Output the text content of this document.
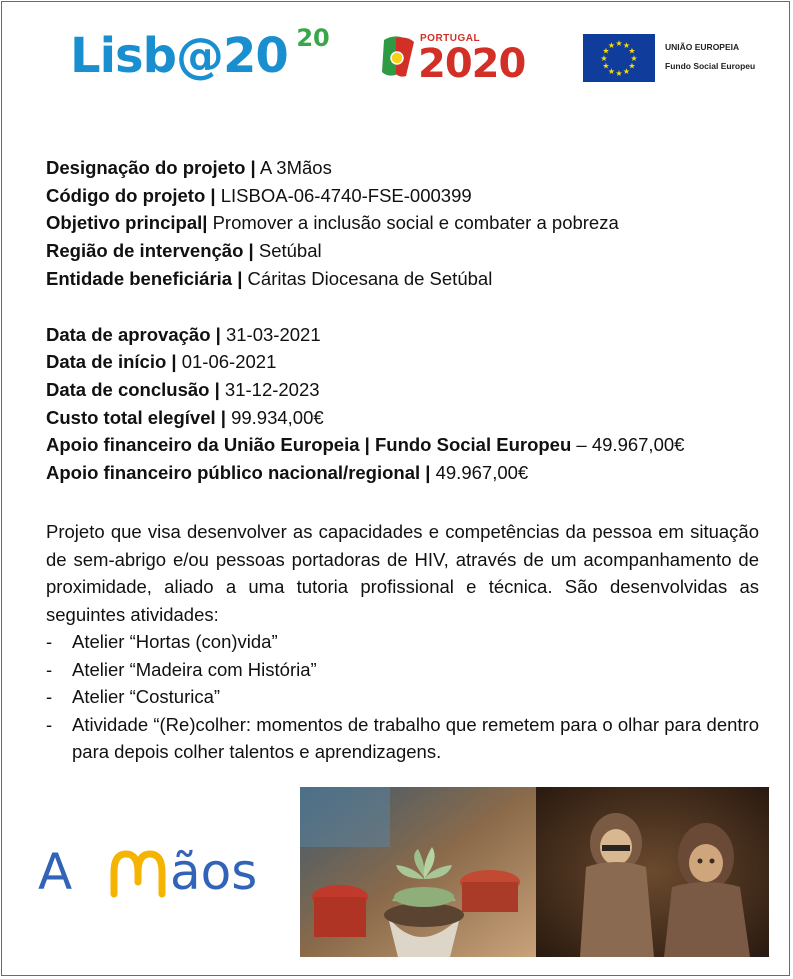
Lisb@20 20	PORTUGAL
2020	★
★
★
★
★
★
★
★
★ ★ ★
★	UNIÃO EUROPEIA
Fundo Social Europeu
Designação do projeto | A 3Mãos
Código do projeto | LISBOA-06-4740-FSE-000399
Objetivo principal| Promover a inclusão social e combater a pobreza
Região de intervenção | Setúbal
Entidade beneficiária | Cáritas Diocesana de Setúbal
Data de aprovação | 31-03-2021
Data de início | 01-06-2021
Data de conclusão | 31-12-2023
Custo total elegível | 99.934,00€
Apoio financeiro da União Europeia | Fundo Social Europeu – 49.967,00€
Apoio financeiro público nacional/regional | 49.967,00€

Projeto que visa desenvolver as capacidades e competências da pessoa em situação de sem-abrigo e/ou pessoas portadoras de HIV, através de um acompanhamento de proximidade, aliado a uma tutoria profissional e técnica. São desenvolvidas as seguintes atividades:

- Atelier “Hortas (con)vida”
- Atelier “Madeira com História”
- Atelier “Costurica”
- Atividade “(Re)colher: momentos de trabalho que remetem para o olhar para dentro para depois colher talentos e aprendizagens.
A ãos
